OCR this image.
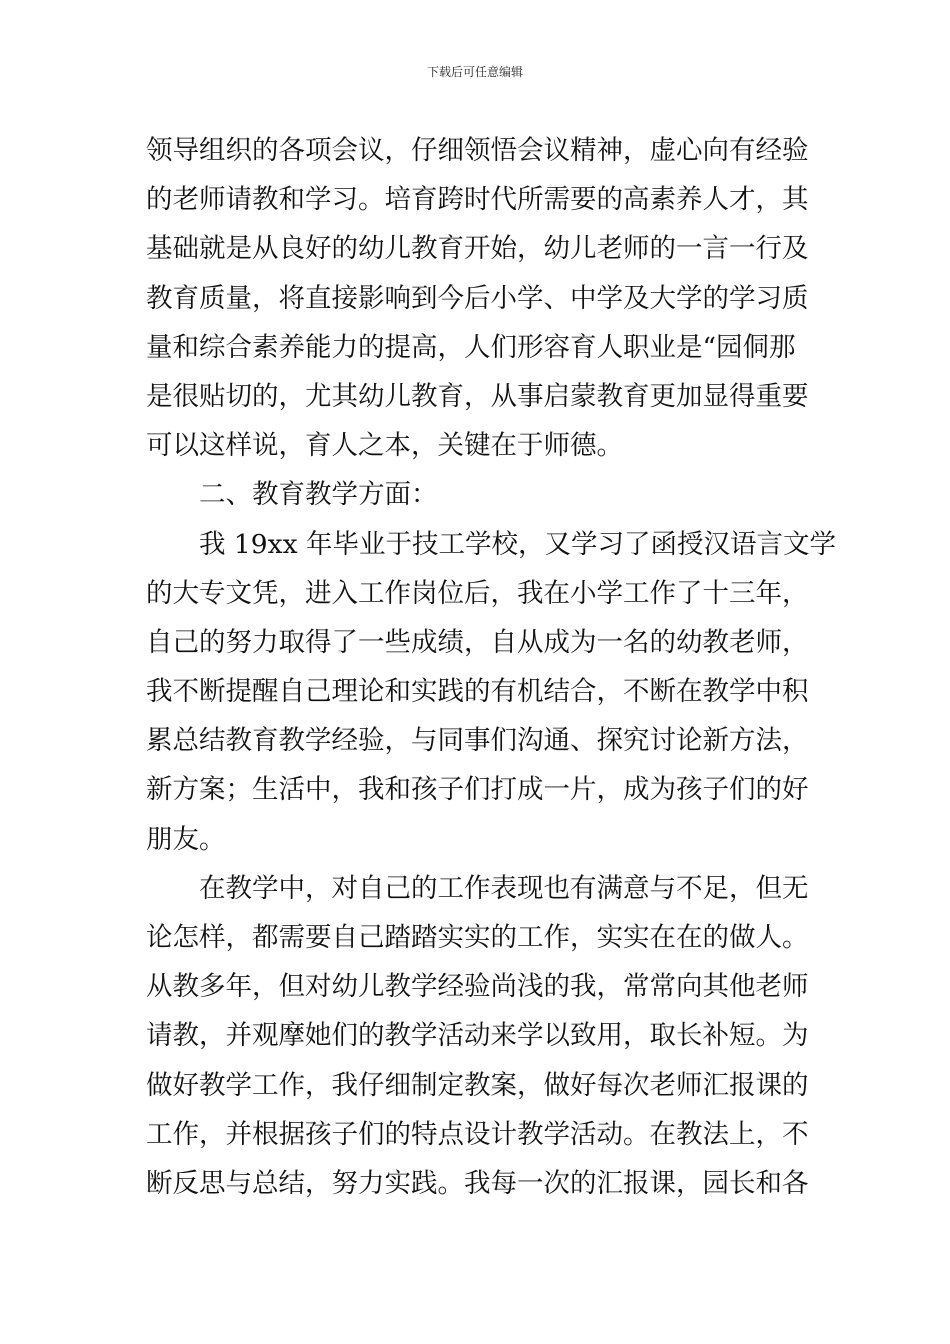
下载后可任意编辑
领导组织的各项会议，仔细领悟会议精神，虚心向有经验
的老师请教和学习。培育跨时代所需要的高素养人才，其
基础就是从良好的幼儿教育开始，幼儿老师的一言一行及
教育质量，将直接影响到今后小学、中学及大学的学习质
量和综合素养能力的提高，人们形容育人职业是“园侗那
是很贴切的，尤其幼儿教育，从事启蒙教育更加显得重要
可以这样说，育人之本，关键在于师德。
二、教育教学方面：
我 19xx 年毕业于技工学校，又学习了函授汉语言文学
的大专文凭，进入工作岗位后，我在小学工作了十三年，
自己的努力取得了一些成绩，自从成为一名的幼教老师，
我不断提醒自己理论和实践的有机结合，不断在教学中积
累总结教育教学经验，与同事们沟通、探究讨论新方法，
新方案；生活中，我和孩子们打成一片，成为孩子们的好
朋友。
在教学中，对自己的工作表现也有满意与不足，但无
论怎样，都需要自己踏踏实实的工作，实实在在的做人。
从教多年，但对幼儿教学经验尚浅的我，常常向其他老师
请教，并观摩她们的教学活动来学以致用，取长补短。为
做好教学工作，我仔细制定教案，做好每次老师汇报课的
工作，并根据孩子们的特点设计教学活动。在教法上，不
断反思与总结，努力实践。我每一次的汇报课，园长和各
